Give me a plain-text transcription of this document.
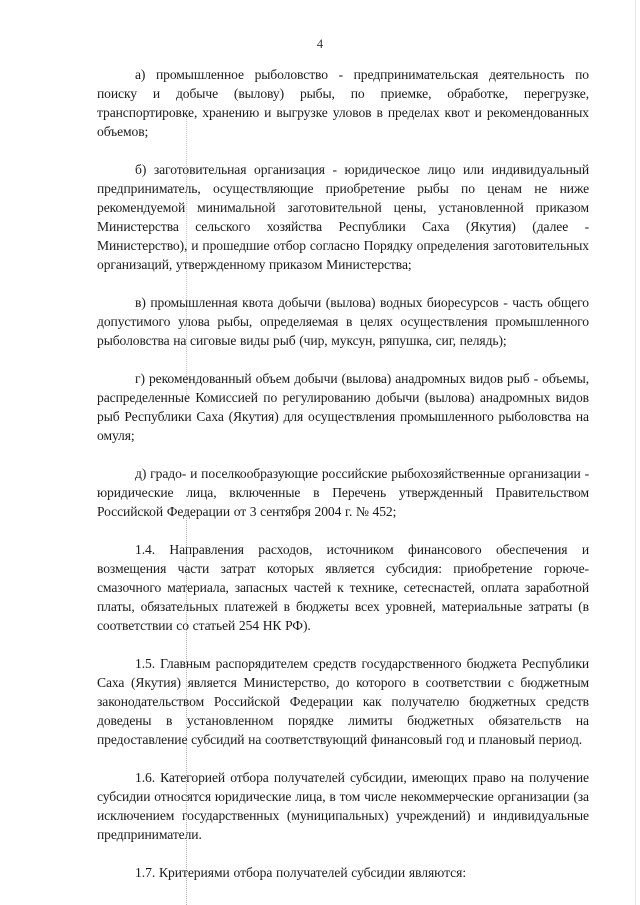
4

а) промышленное рыболовство - предпринимательская деятельность по поиску и добыче (вылову) рыбы, по приемке, обработке, перегрузке, транспортировке, хранению и выгрузке уловов в пределах квот и рекомендованных объемов;

б) заготовительная организация - юридическое лицо или индивидуальный предприниматель, осуществляющие приобретение рыбы по ценам не ниже рекомендуемой минимальной заготовительной цены, установленной приказом Министерства сельского хозяйства Республики Саха (Якутия) (далее - Министерство), и прошедшие отбор согласно Порядку определения заготовительных организаций, утвержденному приказом Министерства;

в) промышленная квота добычи (вылова) водных биоресурсов - часть общего допустимого улова рыбы, определяемая в целях осуществления промышленного рыболовства на сиговые виды рыб (чир, муксун, ряпушка, сиг, пелядь);

г) рекомендованный объем добычи (вылова) анадромных видов рыб - объемы, распределенные Комиссией по регулированию добычи (вылова) анадромных видов рыб Республики Саха (Якутия) для осуществления промышленного рыболовства на омуля;

д) градо- и поселкообразующие российские рыбохозяйственные организации - юридические лица, включенные в Перечень утвержденный Правительством Российской Федерации от 3 сентября 2004 г. № 452;

1.4. Направления расходов, источником финансового обеспечения и возмещения части затрат которых является субсидия: приобретение горюче-смазочного материала, запасных частей к технике, сетеснастей, оплата заработной платы, обязательных платежей в бюджеты всех уровней, материальные затраты (в соответствии со статьей 254 НК РФ).

1.5. Главным распорядителем средств государственного бюджета Республики Саха (Якутия) является Министерство, до которого в соответствии с бюджетным законодательством Российской Федерации как получателю бюджетных средств доведены в установленном порядке лимиты бюджетных обязательств на предоставление субсидий на соответствующий финансовый год и плановый период.

1.6. Категорией отбора получателей субсидии, имеющих право на получение субсидии относятся юридические лица, в том числе некоммерческие организации (за исключением государственных (муниципальных) учреждений) и индивидуальные предприниматели.

1.7. Критериями отбора получателей субсидии являются:
